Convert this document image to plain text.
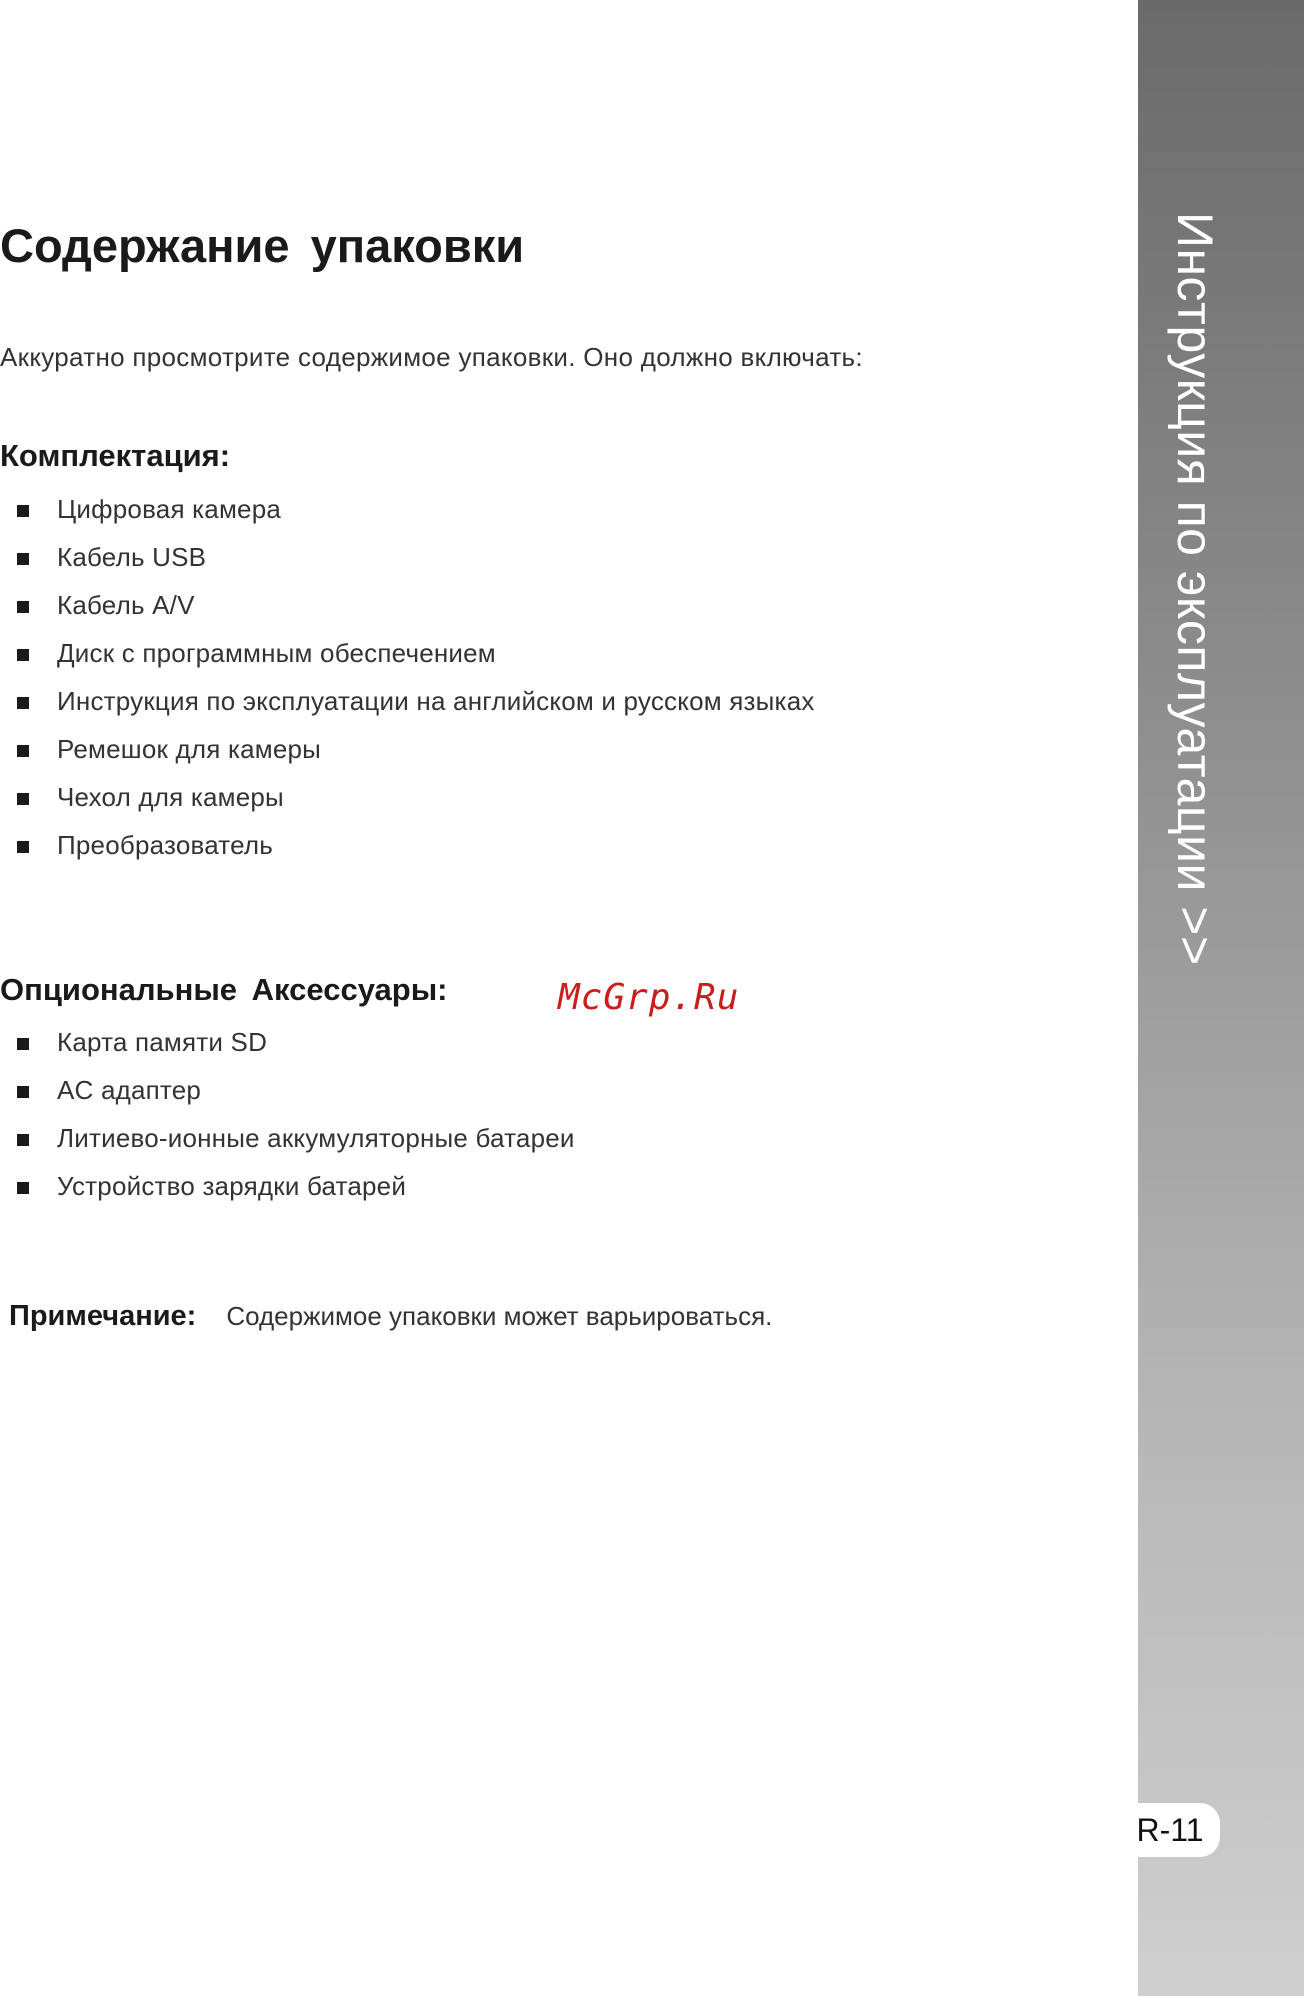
Инструкция по эксплуатации >>
R-11
Содержание упаковки

Аккуратно просмотрите содержимое упаковки. Оно должно включать:

Комплектация:
Цифровая камера
Кабель USB
Кабель A/V
Диск с программным обеспечением
Инструкция по эксплуатации на английском и русском языках
Ремешок для камеры
Чехол для камеры
Преобразователь
Опциональные Аксессуары:	McGrp.Ru
Карта памяти SD
AC адаптер
Литиево-ионные аккумуляторные батареи
Устройство зарядки батарей
Примечание: Содержимое упаковки может варьироваться.
